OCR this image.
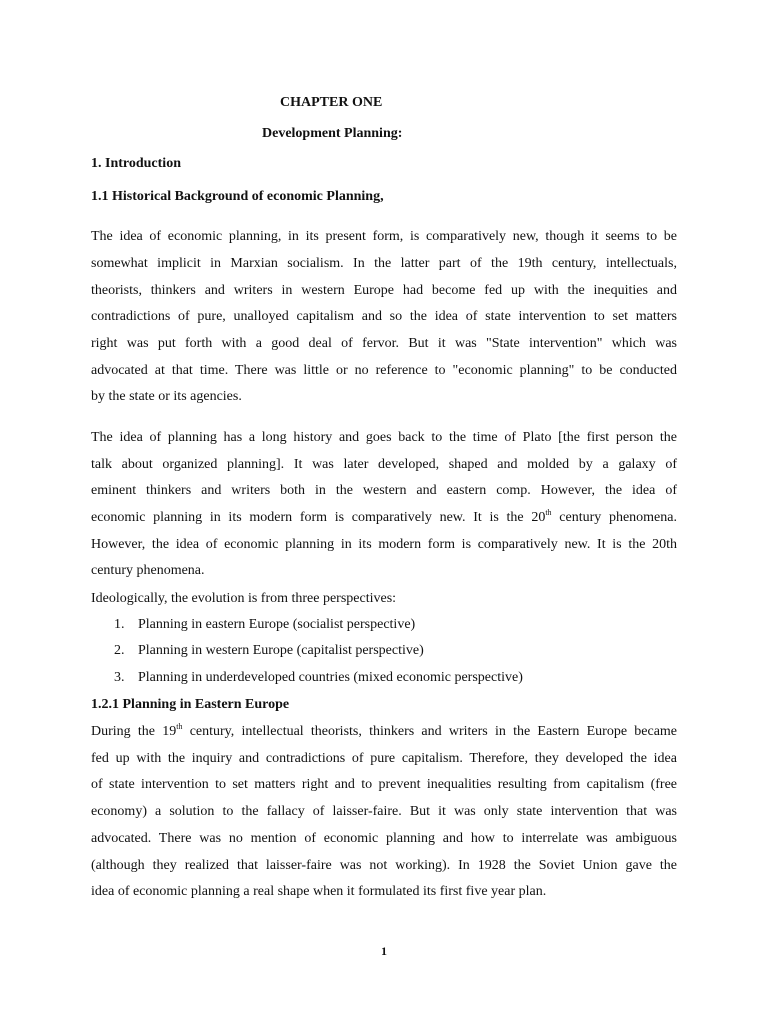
CHAPTER ONE
Development Planning:
1. Introduction
1.1 Historical Background of economic Planning,
The idea of economic planning, in its present form, is comparatively new, though it seems to be
somewhat implicit in Marxian socialism. In the latter part of the 19th century, intellectuals,
theorists, thinkers and writers in western Europe had become fed up with the inequities and
contradictions of pure, unalloyed capitalism and so the idea of state intervention to set matters
right was put forth with a good deal of fervor. But it was "State intervention" which was
advocated at that time. There was little or no reference to "economic planning" to be conducted
by the state or its agencies.
The idea of planning has a long history and goes back to the time of Plato [the first person the
talk about organized planning]. It was later developed, shaped and molded by a galaxy of
eminent thinkers and writers both in the western and eastern comp. However, the idea of
economic planning in its modern form is comparatively new. It is the 20th century phenomena.
However, the idea of economic planning in its modern form is comparatively new. It is the 20th
century phenomena.
Ideologically, the evolution is from three perspectives:
1. Planning in eastern Europe (socialist perspective)
2. Planning in western Europe (capitalist perspective)
3. Planning in underdeveloped countries (mixed economic perspective)
1.2.1 Planning in Eastern Europe
During the 19th century, intellectual theorists, thinkers and writers in the Eastern Europe became
fed up with the inquiry and contradictions of pure capitalism. Therefore, they developed the idea
of state intervention to set matters right and to prevent inequalities resulting from capitalism (free
economy) a solution to the fallacy of laisser-faire. But it was only state intervention that was
advocated. There was no mention of economic planning and how to interrelate was ambiguous
(although they realized that laisser-faire was not working). In 1928 the Soviet Union gave the
idea of economic planning a real shape when it formulated its first five year plan.
1
